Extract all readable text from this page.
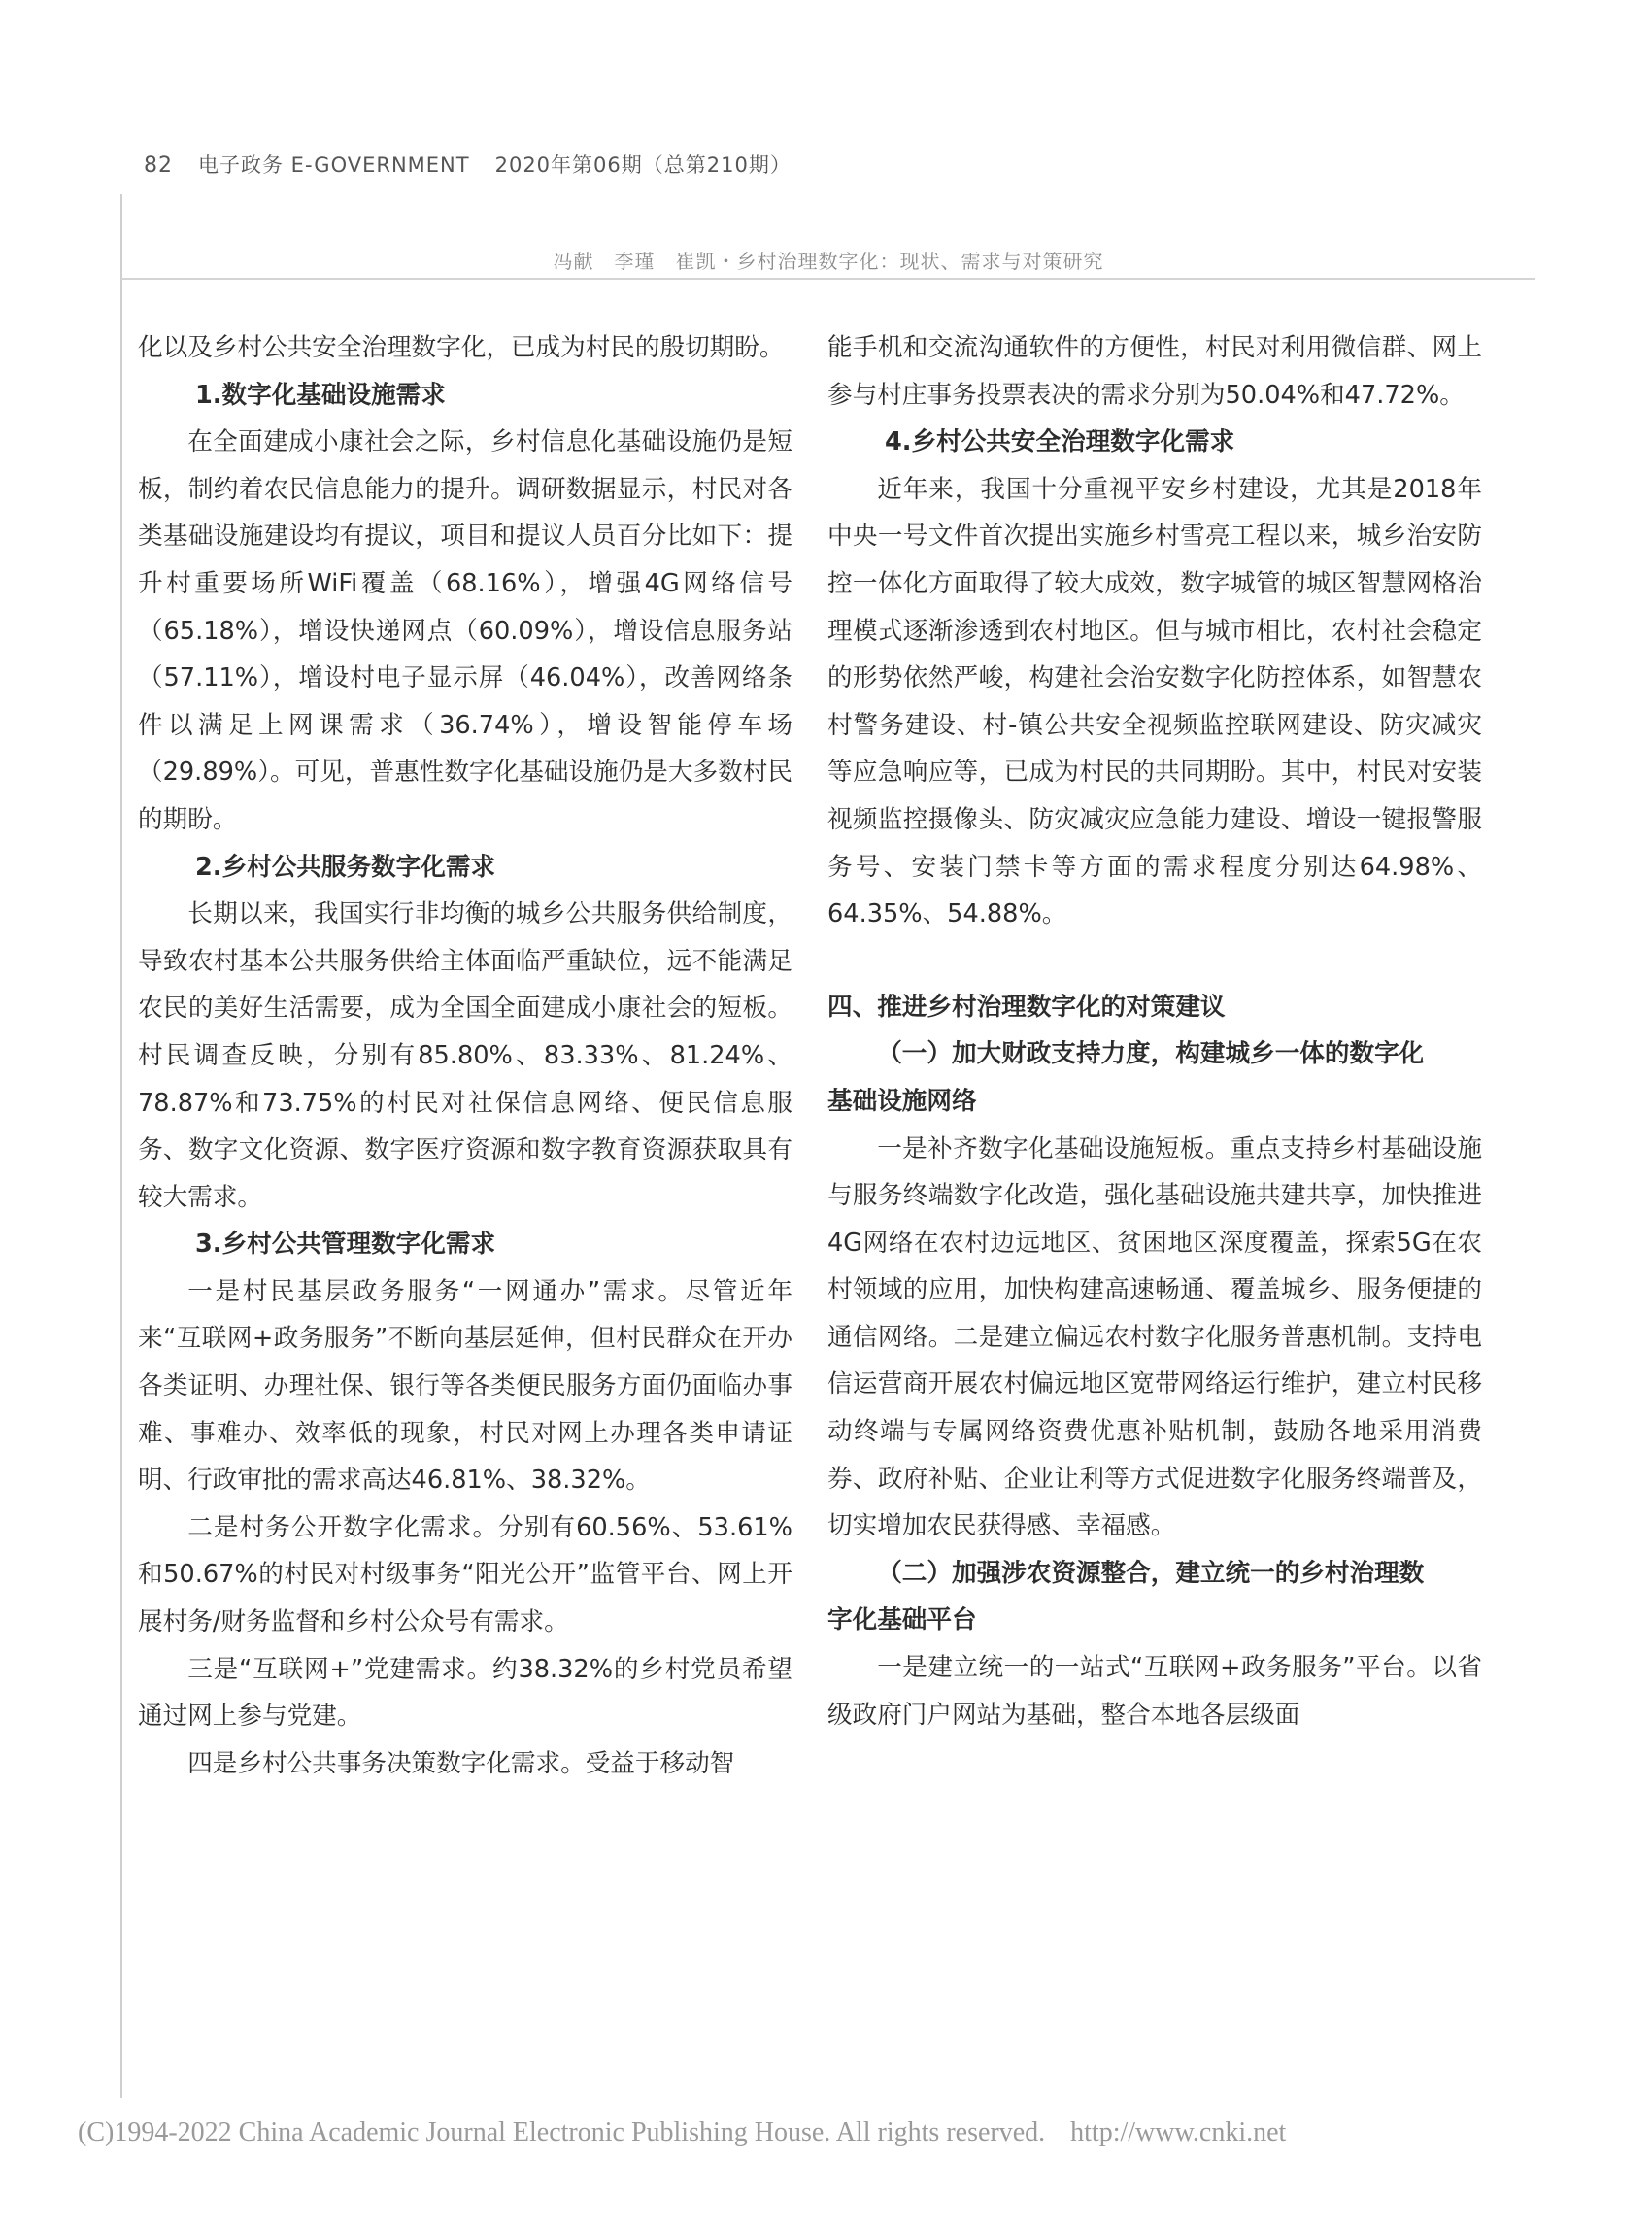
82 电子政务 E-GOVERNMENT 2020年第06期（总第210期）
冯献　李瑾　崔凯・乡村治理数字化：现状、需求与对策研究

化以及乡村公共安全治理数字化，已成为村民的殷切期盼。

1.数字化基础设施需求

在全面建成小康社会之际，乡村信息化基础设施仍是短板，制约着农民信息能力的提升。调研数据显示，村民对各类基础设施建设均有提议，项目和提议人员百分比如下：提升村重要场所WiFi覆盖（68.16%），增强4G网络信号（65.18%），增设快递网点（60.09%），增设信息服务站（57.11%），增设村电子显示屏（46.04%），改善网络条件以满足上网课需求（36.74%），增设智能停车场（29.89%）。可见，普惠性数字化基础设施仍是大多数村民的期盼。

2.乡村公共服务数字化需求

长期以来，我国实行非均衡的城乡公共服务供给制度，导致农村基本公共服务供给主体面临严重缺位，远不能满足农民的美好生活需要，成为全国全面建成小康社会的短板。村民调查反映，分别有85.80%、83.33%、81.24%、78.87%和73.75%的村民对社保信息网络、便民信息服务、数字文化资源、数字医疗资源和数字教育资源获取具有较大需求。

3.乡村公共管理数字化需求

一是村民基层政务服务“一网通办”需求。尽管近年来“互联网+政务服务”不断向基层延伸，但村民群众在开办各类证明、办理社保、银行等各类便民服务方面仍面临办事难、事难办、效率低的现象，村民对网上办理各类申请证明、行政审批的需求高达46.81%、38.32%。

二是村务公开数字化需求。分别有60.56%、53.61%和50.67%的村民对村级事务“阳光公开”监管平台、网上开展村务/财务监督和乡村公众号有需求。

三是“互联网+”党建需求。约38.32%的乡村党员希望通过网上参与党建。

四是乡村公共事务决策数字化需求。受益于移动智

能手机和交流沟通软件的方便性，村民对利用微信群、网上参与村庄事务投票表决的需求分别为50.04%和47.72%。

4.乡村公共安全治理数字化需求

近年来，我国十分重视平安乡村建设，尤其是2018年中央一号文件首次提出实施乡村雪亮工程以来，城乡治安防控一体化方面取得了较大成效，数字城管的城区智慧网格治理模式逐渐渗透到农村地区。但与城市相比，农村社会稳定的形势依然严峻，构建社会治安数字化防控体系，如智慧农村警务建设、村-镇公共安全视频监控联网建设、防灾减灾等应急响应等，已成为村民的共同期盼。其中，村民对安装视频监控摄像头、防灾减灾应急能力建设、增设一键报警服务号、安装门禁卡等方面的需求程度分别达64.98%、64.35%、54.88%。

四、推进乡村治理数字化的对策建议
（一）加大财政支持力度，构建城乡一体的数字化
基础设施网络

一是补齐数字化基础设施短板。重点支持乡村基础设施与服务终端数字化改造，强化基础设施共建共享，加快推进4G网络在农村边远地区、贫困地区深度覆盖，探索5G在农村领域的应用，加快构建高速畅通、覆盖城乡、服务便捷的通信网络。二是建立偏远农村数字化服务普惠机制。支持电信运营商开展农村偏远地区宽带网络运行维护，建立村民移动终端与专属网络资费优惠补贴机制，鼓励各地采用消费券、政府补贴、企业让利等方式促进数字化服务终端普及，切实增加农民获得感、幸福感。

（二）加强涉农资源整合，建立统一的乡村治理数
字化基础平台

一是建立统一的一站式“互联网+政务服务”平台。以省级政府门户网站为基础，整合本地各层级面

(C)1994-2022 China Academic Journal Electronic Publishing House. All rights reserved. http://www.cnki.net
